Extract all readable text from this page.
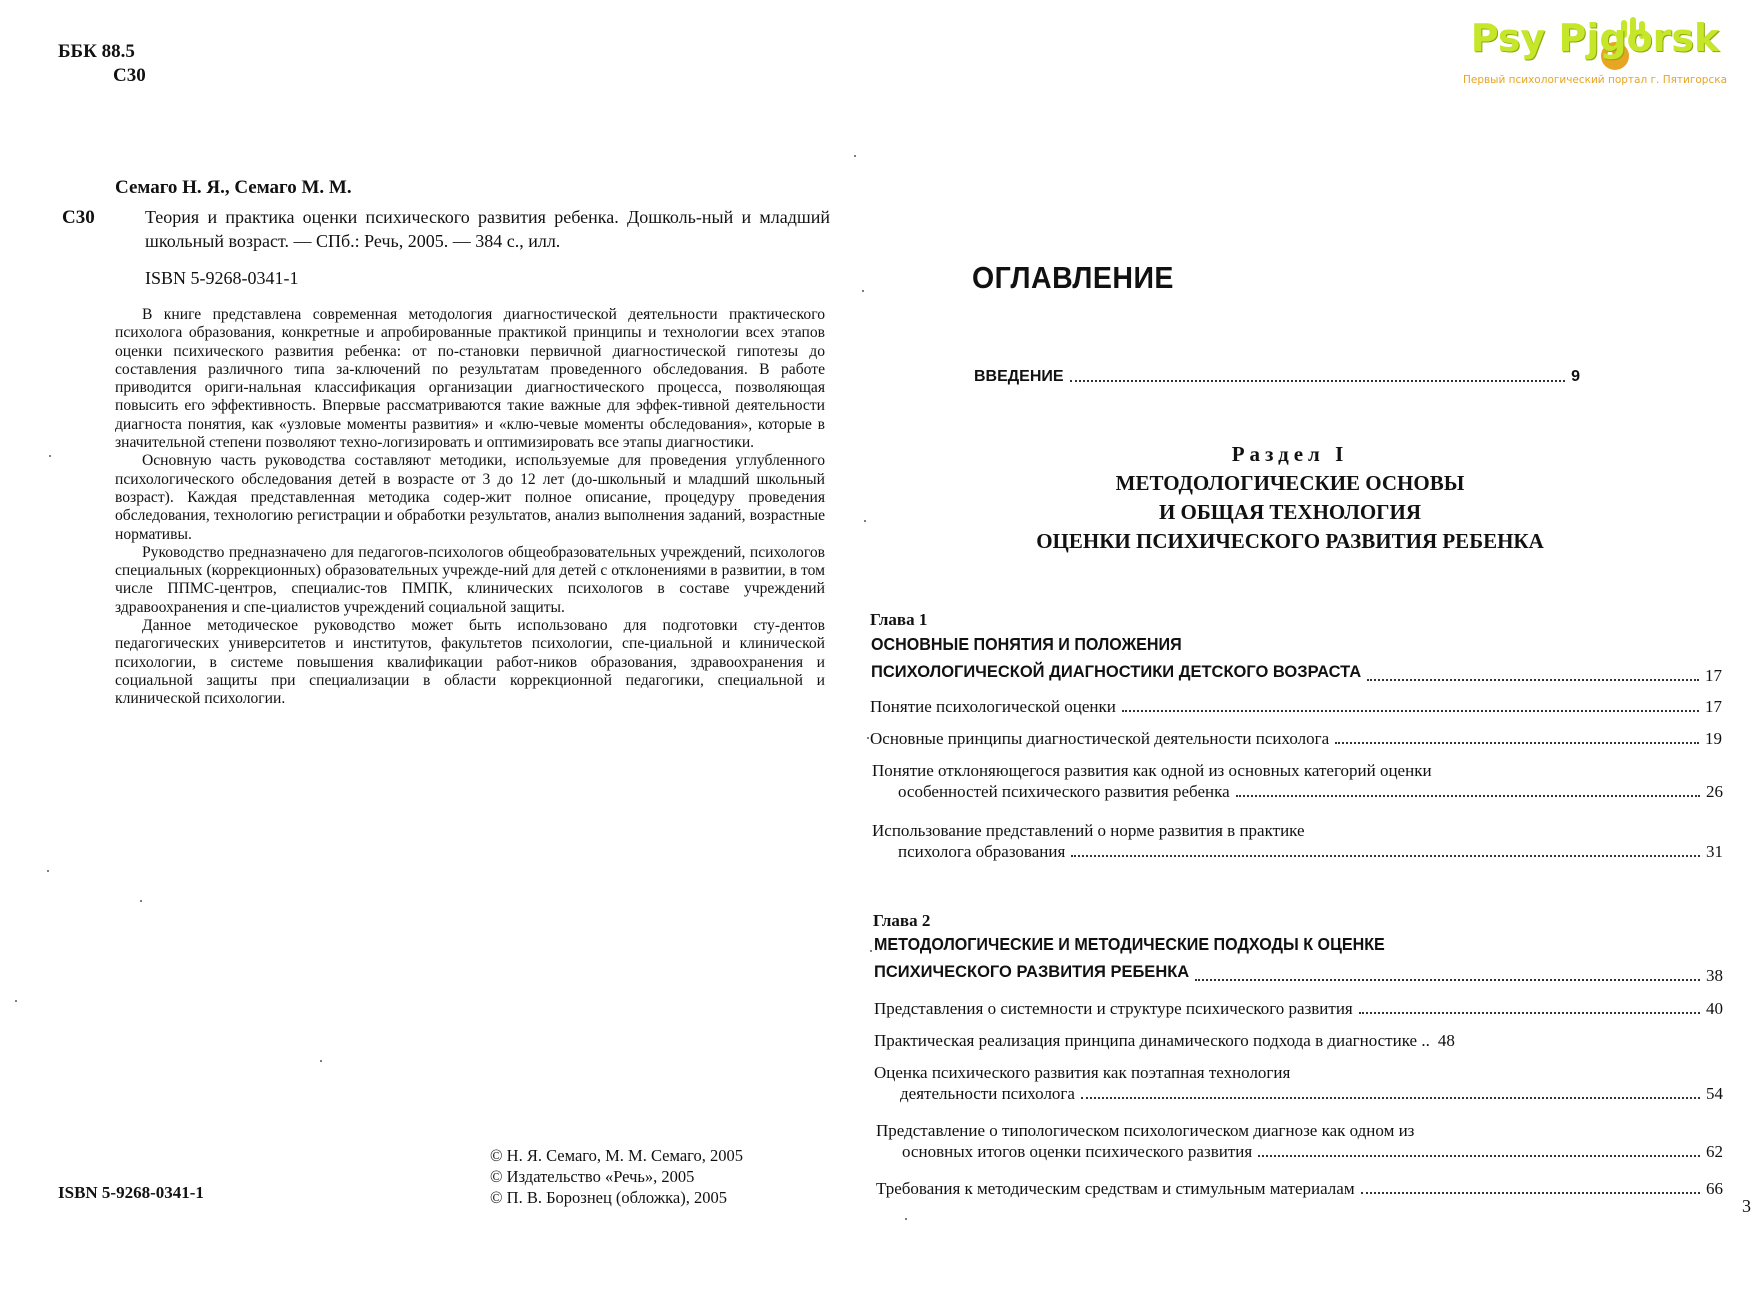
ББК 88.5
С30
Семаго Н. Я., Семаго М. М.
С30	Теория и практика оценки психического развития ребенка. Дошколь-ный и младший школьный возраст. — СПб.: Речь, 2005. — 384 с., илл.
ISBN 5-9268-0341-1

В книге представлена современная методология диагностической деятельности практического психолога образования, конкретные и апробированные практикой принципы и технологии всех этапов оценки психического развития ребенка: от по-становки первичной диагностической гипотезы до составления различного типа за-ключений по результатам проведенного обследования. В работе приводится ориги-нальная классификация организации диагностического процесса, позволяющая повысить его эффективность. Впервые рассматриваются такие важные для эффек-тивной деятельности диагноста понятия, как «узловые моменты развития» и «клю-чевые моменты обследования», которые в значительной степени позволяют техно-логизировать и оптимизировать все этапы диагностики.

Основную часть руководства составляют методики, используемые для проведения углубленного психологического обследования детей в возрасте от 3 до 12 лет (до-школьный и младший школьный возраст). Каждая представленная методика содер-жит полное описание, процедуру проведения обследования, технологию регистрации и обработки результатов, анализ выполнения заданий, возрастные нормативы.

Руководство предназначено для педагогов-психологов общеобразовательных учреждений, психологов специальных (коррекционных) образовательных учрежде-ний для детей с отклонениями в развитии, в том числе ППМС-центров, специалис-тов ПМПК, клинических психологов в составе учреждений здравоохранения и спе-циалистов учреждений социальной защиты.

Данное методическое руководство может быть использовано для подготовки сту-дентов педагогических университетов и институтов, факультетов психологии, спе-циальной и клинической психологии, в системе повышения квалификации работ-ников образования, здравоохранения и социальной защиты при специализации в области коррекционной педагогики, специальной и клинической психологии.

ISBN 5-9268-0341-1
© Н. Я. Семаго, М. М. Семаго, 2005
© Издательство «Речь», 2005
© П. В. Борознец (обложка), 2005
Psy Pjgorsk
Первый психологический портал г. Пятигорска
ОГЛАВЛЕНИЕ
ВВЕДЕНИЕ	9
Раздел I
МЕТОДОЛОГИЧЕСКИЕ ОСНОВЫ
И ОБЩАЯ ТЕХНОЛОГИЯ
ОЦЕНКИ ПСИХИЧЕСКОГО РАЗВИТИЯ РЕБЕНКА
Глава 1
ОСНОВНЫЕ ПОНЯТИЯ И ПОЛОЖЕНИЯ
ПСИХОЛОГИЧЕСКОЙ ДИАГНОСТИКИ ДЕТСКОГО ВОЗРАСТА	17
Понятие психологической оценки	17
Основные принципы диагностической деятельности психолога	19
Понятие отклоняющегося развития как одной из основных категорий оценки
особенностей психического развития ребенка	26
Использование представлений о норме развития в практике
психолога образования	31
Глава 2
МЕТОДОЛОГИЧЕСКИЕ И МЕТОДИЧЕСКИЕ ПОДХОДЫ К ОЦЕНКЕ
ПСИХИЧЕСКОГО РАЗВИТИЯ РЕБЕНКА	38
Представления о системности и структуре психического развития	40
Практическая реализация принципа динамического подхода в диагностике .. 48
Оценка психического развития как поэтапная технология
деятельности психолога	54
Представление о типологическом психологическом диагнозе как одном из
основных итогов оценки психического развития	62
Требования к методическим средствам и стимульным материалам	66
3
